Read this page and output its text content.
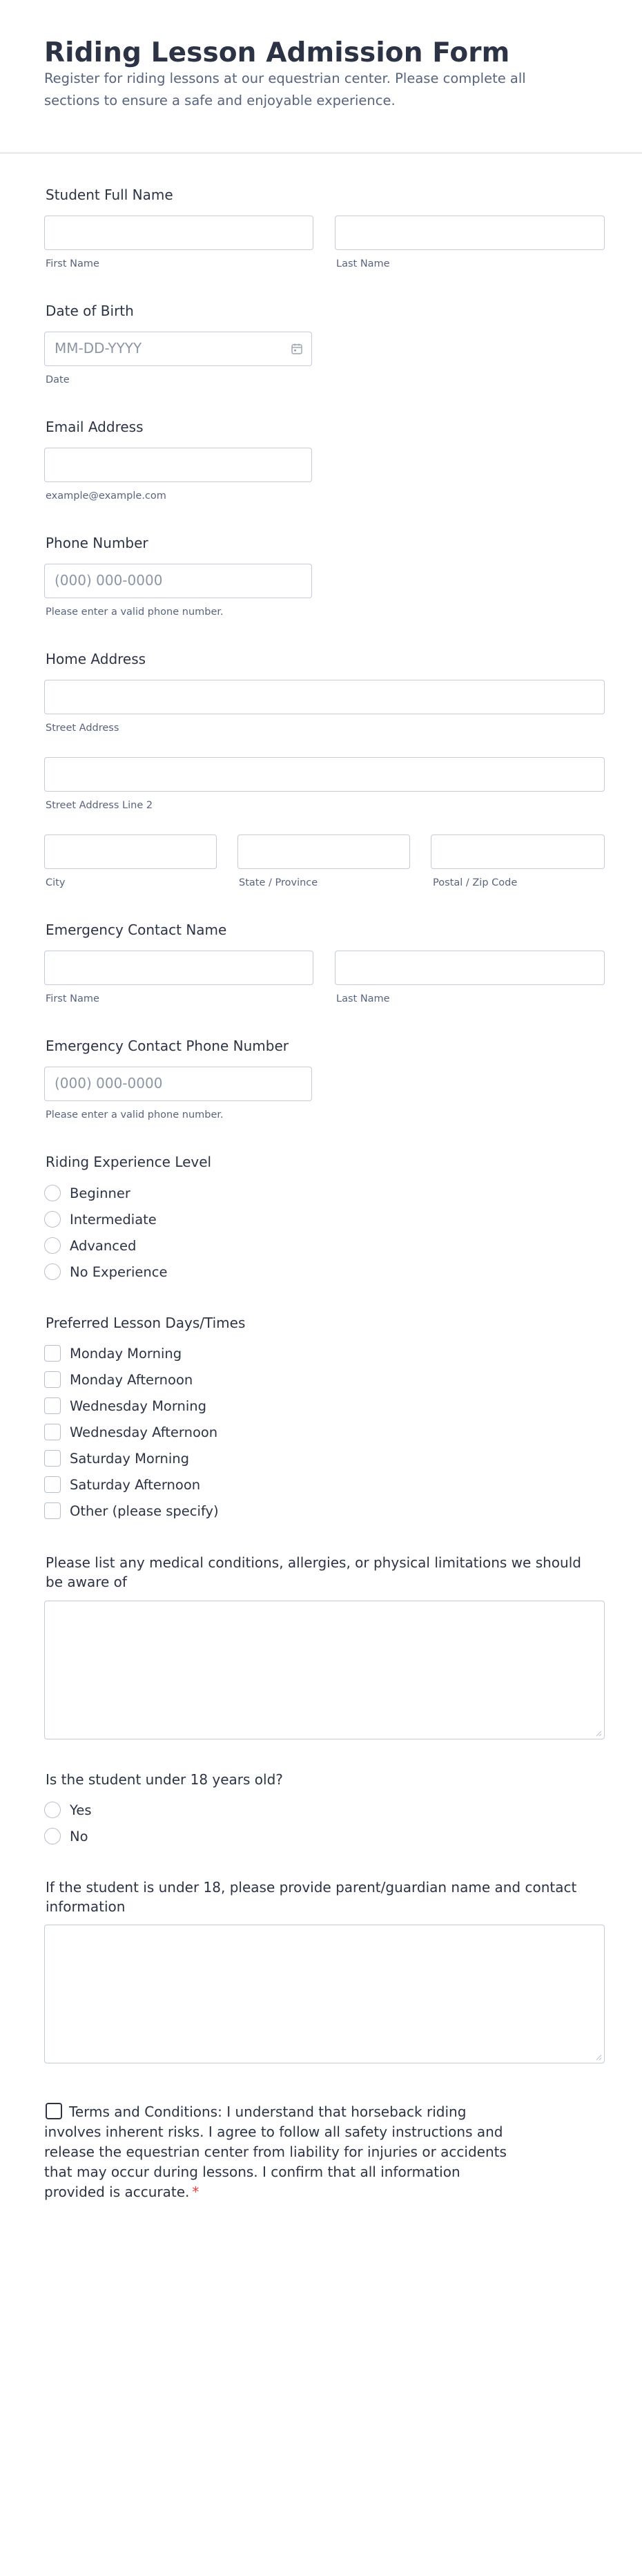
Riding Lesson Admission Form
Register for riding lessons at our equestrian center. Please complete all sections to ensure a safe and enjoyable experience.
Student Full Name
First Name	Last Name
Date of Birth
MM-DD-YYYY
Date
Email Address
example@example.com
Phone Number
(000) 000-0000
Please enter a valid phone number.
Home Address
Street Address
Street Address Line 2
City	State / Province	Postal / Zip Code
Emergency Contact Name
First Name	Last Name
Emergency Contact Phone Number
(000) 000-0000
Please enter a valid phone number.
Riding Experience Level
Beginner
Intermediate
Advanced
No Experience
Preferred Lesson Days/Times
Monday Morning
Monday Afternoon
Wednesday Morning
Wednesday Afternoon
Saturday Morning
Saturday Afternoon
Other (please specify)
Please list any medical conditions, allergies, or physical limitations we should be aware of
Is the student under 18 years old?
Yes
No
If the student is under 18, please provide parent/guardian name and contact information
Terms and Conditions: I understand that horseback riding involves inherent risks. I agree to follow all safety instructions and release the equestrian center from liability for injuries or accidents that may occur during lessons. I confirm that all information provided is accurate. *
